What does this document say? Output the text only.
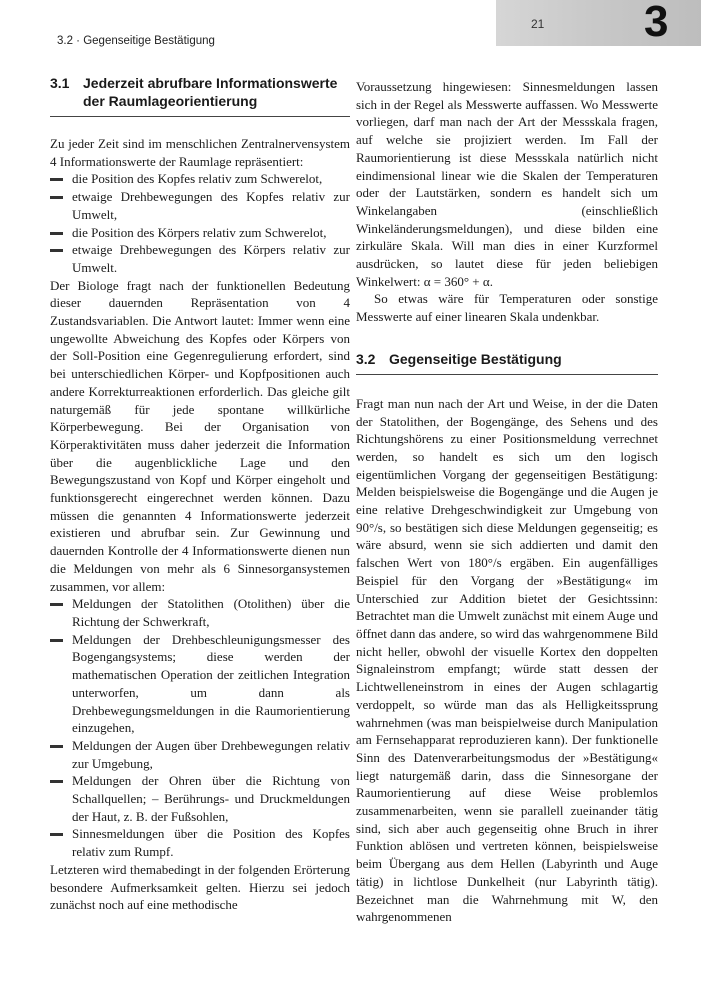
3.2 · Gegenseitige Bestätigung
21 3
3.1 Jederzeit abrufbare Informationswerte der Raumlageorientierung

Zu jeder Zeit sind im menschlichen Zentralnervensystem 4 Informationswerte der Raumlage repräsentiert:

die Position des Kopfes relativ zum Schwerelot,
etwaige Drehbewegungen des Kopfes relativ zur Umwelt,
die Position des Körpers relativ zum Schwerelot,
etwaige Drehbewegungen des Körpers relativ zur Umwelt.

Der Biologe fragt nach der funktionellen Bedeutung dieser dauernden Repräsentation von 4 Zustandsvariablen. Die Antwort lautet: Immer wenn eine ungewollte Abweichung des Kopfes oder Körpers von der Soll-Position eine Gegenregulierung erfordert, sind bei unterschiedlichen Körper- und Kopfpositionen auch andere Korrekturreaktionen erforderlich. Das gleiche gilt naturgemäß für jede spontane willkürliche Körperbewegung. Bei der Organisation von Körperaktivitäten muss daher jederzeit die Information über die augenblickliche Lage und den Bewegungszustand von Kopf und Körper eingeholt und funktionsgerecht eingerechnet werden können. Dazu müssen die genannten 4 Informationswerte jederzeit existieren und abrufbar sein. Zur Gewinnung und dauernden Kontrolle der 4 Informationswerte dienen nun die Meldungen von mehr als 6 Sinnesorgansystemen zusammen, vor allem:

Meldungen der Statolithen (Otolithen) über die Richtung der Schwerkraft,
Meldungen der Drehbeschleunigungsmesser des Bogengangsystems; diese werden der mathematischen Operation der zeitlichen Integration unterworfen, um dann als Drehbewegungsmeldungen in die Raumorientierung einzugehen,
Meldungen der Augen über Drehbewegungen relativ zur Umgebung,
Meldungen der Ohren über die Richtung von Schallquellen; – Berührungs- und Druckmeldungen der Haut, z. B. der Fußsohlen,
Sinnesmeldungen über die Position des Kopfes relativ zum Rumpf.

Letzteren wird themabedingt in der folgenden Erörterung besondere Aufmerksamkeit gelten. Hierzu sei jedoch zunächst noch auf eine methodische

Voraussetzung hingewiesen: Sinnesmeldungen lassen sich in der Regel als Messwerte auffassen. Wo Messwerte vorliegen, darf man nach der Art der Messskala fragen, auf welche sie projiziert werden. Im Fall der Raumorientierung ist diese Messskala natürlich nicht eindimensional linear wie die Skalen der Temperaturen oder der Lautstärken, sondern es handelt sich um Winkelangaben (einschließlich Winkeländerungsmeldungen), und diese bilden eine zirkuläre Skala. Will man dies in einer Kurzformel ausdrücken, so lautet diese für jeden beliebigen Winkelwert: α = 360° + α.

So etwas wäre für Temperaturen oder sonstige Messwerte auf einer linearen Skala undenkbar.

3.2 Gegenseitige Bestätigung

Fragt man nun nach der Art und Weise, in der die Daten der Statolithen, der Bogengänge, des Sehens und des Richtungshörens zu einer Positionsmeldung verrechnet werden, so handelt es sich um den logisch eigentümlichen Vorgang der gegenseitigen Bestätigung: Melden beispielsweise die Bogengänge und die Augen je eine relative Drehgeschwindigkeit zur Umgebung von 90°/s, so bestätigen sich diese Meldungen gegenseitig; es wäre absurd, wenn sie sich addierten und damit den falschen Wert von 180°/s ergäben. Ein augenfälliges Beispiel für den Vorgang der »Bestätigung« im Unterschied zur Addition bietet der Gesichtssinn: Betrachtet man die Umwelt zunächst mit einem Auge und öffnet dann das andere, so wird das wahrgenommene Bild nicht heller, obwohl der visuelle Kortex den doppelten Signaleinstrom empfangt; würde statt dessen der Lichtwelleneinstrom in eines der Augen schlagartig verdoppelt, so würde man das als Helligkeitssprung wahrnehmen (was man beispielweise durch Manipulation am Fernsehapparat reproduzieren kann). Der funktionelle Sinn des Datenverarbeitungsmodus der »Bestätigung« liegt naturgemäß darin, dass die Sinnesorgane der Raumorientierung auf diese Weise problemlos zusammenarbeiten, wenn sie parallell zueinander tätig sind, sich aber auch gegenseitig ohne Bruch in ihrer Funktion ablösen und vertreten können, beispielsweise beim Übergang aus dem Hellen (Labyrinth und Auge tätig) in lichtlose Dunkelheit (nur Labyrinth tätig). Bezeichnet man die Wahrnehmung mit W, den wahrgenommenen
